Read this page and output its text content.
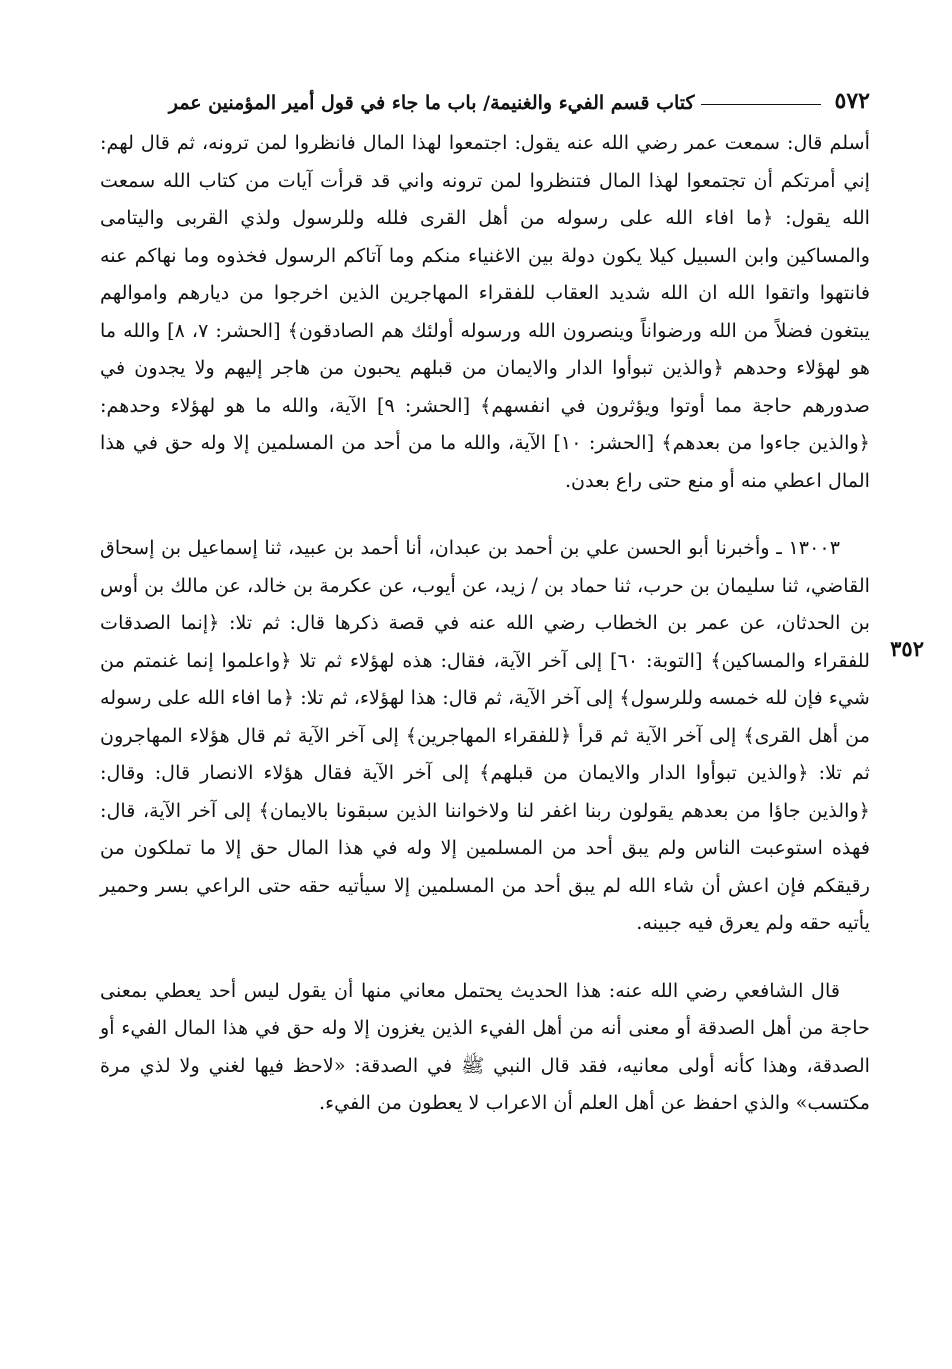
٥٧٢
كتاب قسم الفيء والغنيمة/ باب ما جاء في قول أمير المؤمنين عمر
٣٥٢

أسلم قال: سمعت عمر رضي الله عنه يقول: اجتمعوا لهذا المال فانظروا لمن ترونه، ثم قال لهم: إني أمرتكم أن تجتمعوا لهذا المال فتنظروا لمن ترونه واني قد قرأت آيات من كتاب الله سمعت الله يقول: ﴿ما افاء الله على رسوله من أهل القرى فلله وللرسول ولذي القربى واليتامى والمساكين وابن السبيل كيلا يكون دولة بين الاغنياء منكم وما آتاكم الرسول فخذوه وما نهاكم عنه فانتهوا واتقوا الله ان الله شديد العقاب للفقراء المهاجرين الذين اخرجوا من ديارهم واموالهم يبتغون فضلاً من الله ورضواناً وينصرون الله ورسوله أولئك هم الصادقون﴾ [الحشر: ٧، ٨] والله ما هو لهؤلاء وحدهم ﴿والذين تبوأوا الدار والايمان من قبلهم يحبون من هاجر إليهم ولا يجدون في صدورهم حاجة مما أوتوا ويؤثرون في انفسهم﴾ [الحشر: ٩] الآية، والله ما هو لهؤلاء وحدهم: ﴿والذين جاءوا من بعدهم﴾ [الحشر: ١٠] الآية، والله ما من أحد من المسلمين إلا وله حق في هذا المال اعطي منه أو منع حتى راع بعدن.

١٣٠٠٣ ـ وأخبرنا أبو الحسن علي بن أحمد بن عبدان، أنا أحمد بن عبيد، ثنا إسماعيل بن إسحاق القاضي، ثنا سليمان بن حرب، ثنا حماد بن / زيد، عن أيوب، عن عكرمة بن خالد، عن مالك بن أوس بن الحدثان، عن عمر بن الخطاب رضي الله عنه في قصة ذكرها قال: ثم تلا: ﴿إنما الصدقات للفقراء والمساكين﴾ [التوبة: ٦٠] إلى آخر الآية، فقال: هذه لهؤلاء ثم تلا ﴿واعلموا إنما غنمتم من شيء فإن لله خمسه وللرسول﴾ إلى آخر الآية، ثم قال: هذا لهؤلاء، ثم تلا: ﴿ما افاء الله على رسوله من أهل القرى﴾ إلى آخر الآية ثم قرأ ﴿للفقراء المهاجرين﴾ إلى آخر الآية ثم قال هؤلاء المهاجرون ثم تلا: ﴿والذين تبوأوا الدار والايمان من قبلهم﴾ إلى آخر الآية فقال هؤلاء الانصار قال: وقال: ﴿والذين جاؤا من بعدهم يقولون ربنا اغفر لنا ولاخواننا الذين سبقونا بالايمان﴾ إلى آخر الآية، قال: فهذه استوعبت الناس ولم يبق أحد من المسلمين إلا وله في هذا المال حق إلا ما تملكون من رقيقكم فإن اعش أن شاء الله لم يبق أحد من المسلمين إلا سيأتيه حقه حتى الراعي بسر وحمير يأتيه حقه ولم يعرق فيه جبينه.

قال الشافعي رضي الله عنه: هذا الحديث يحتمل معاني منها أن يقول ليس أحد يعطي بمعنى حاجة من أهل الصدقة أو معنى أنه من أهل الفيء الذين يغزون إلا وله حق في هذا المال الفيء أو الصدقة، وهذا كأنه أولى معانيه، فقد قال النبي ﷺ في الصدقة: «لاحظ فيها لغني ولا لذي مرة مكتسب» والذي احفظ عن أهل العلم أن الاعراب لا يعطون من الفيء.
